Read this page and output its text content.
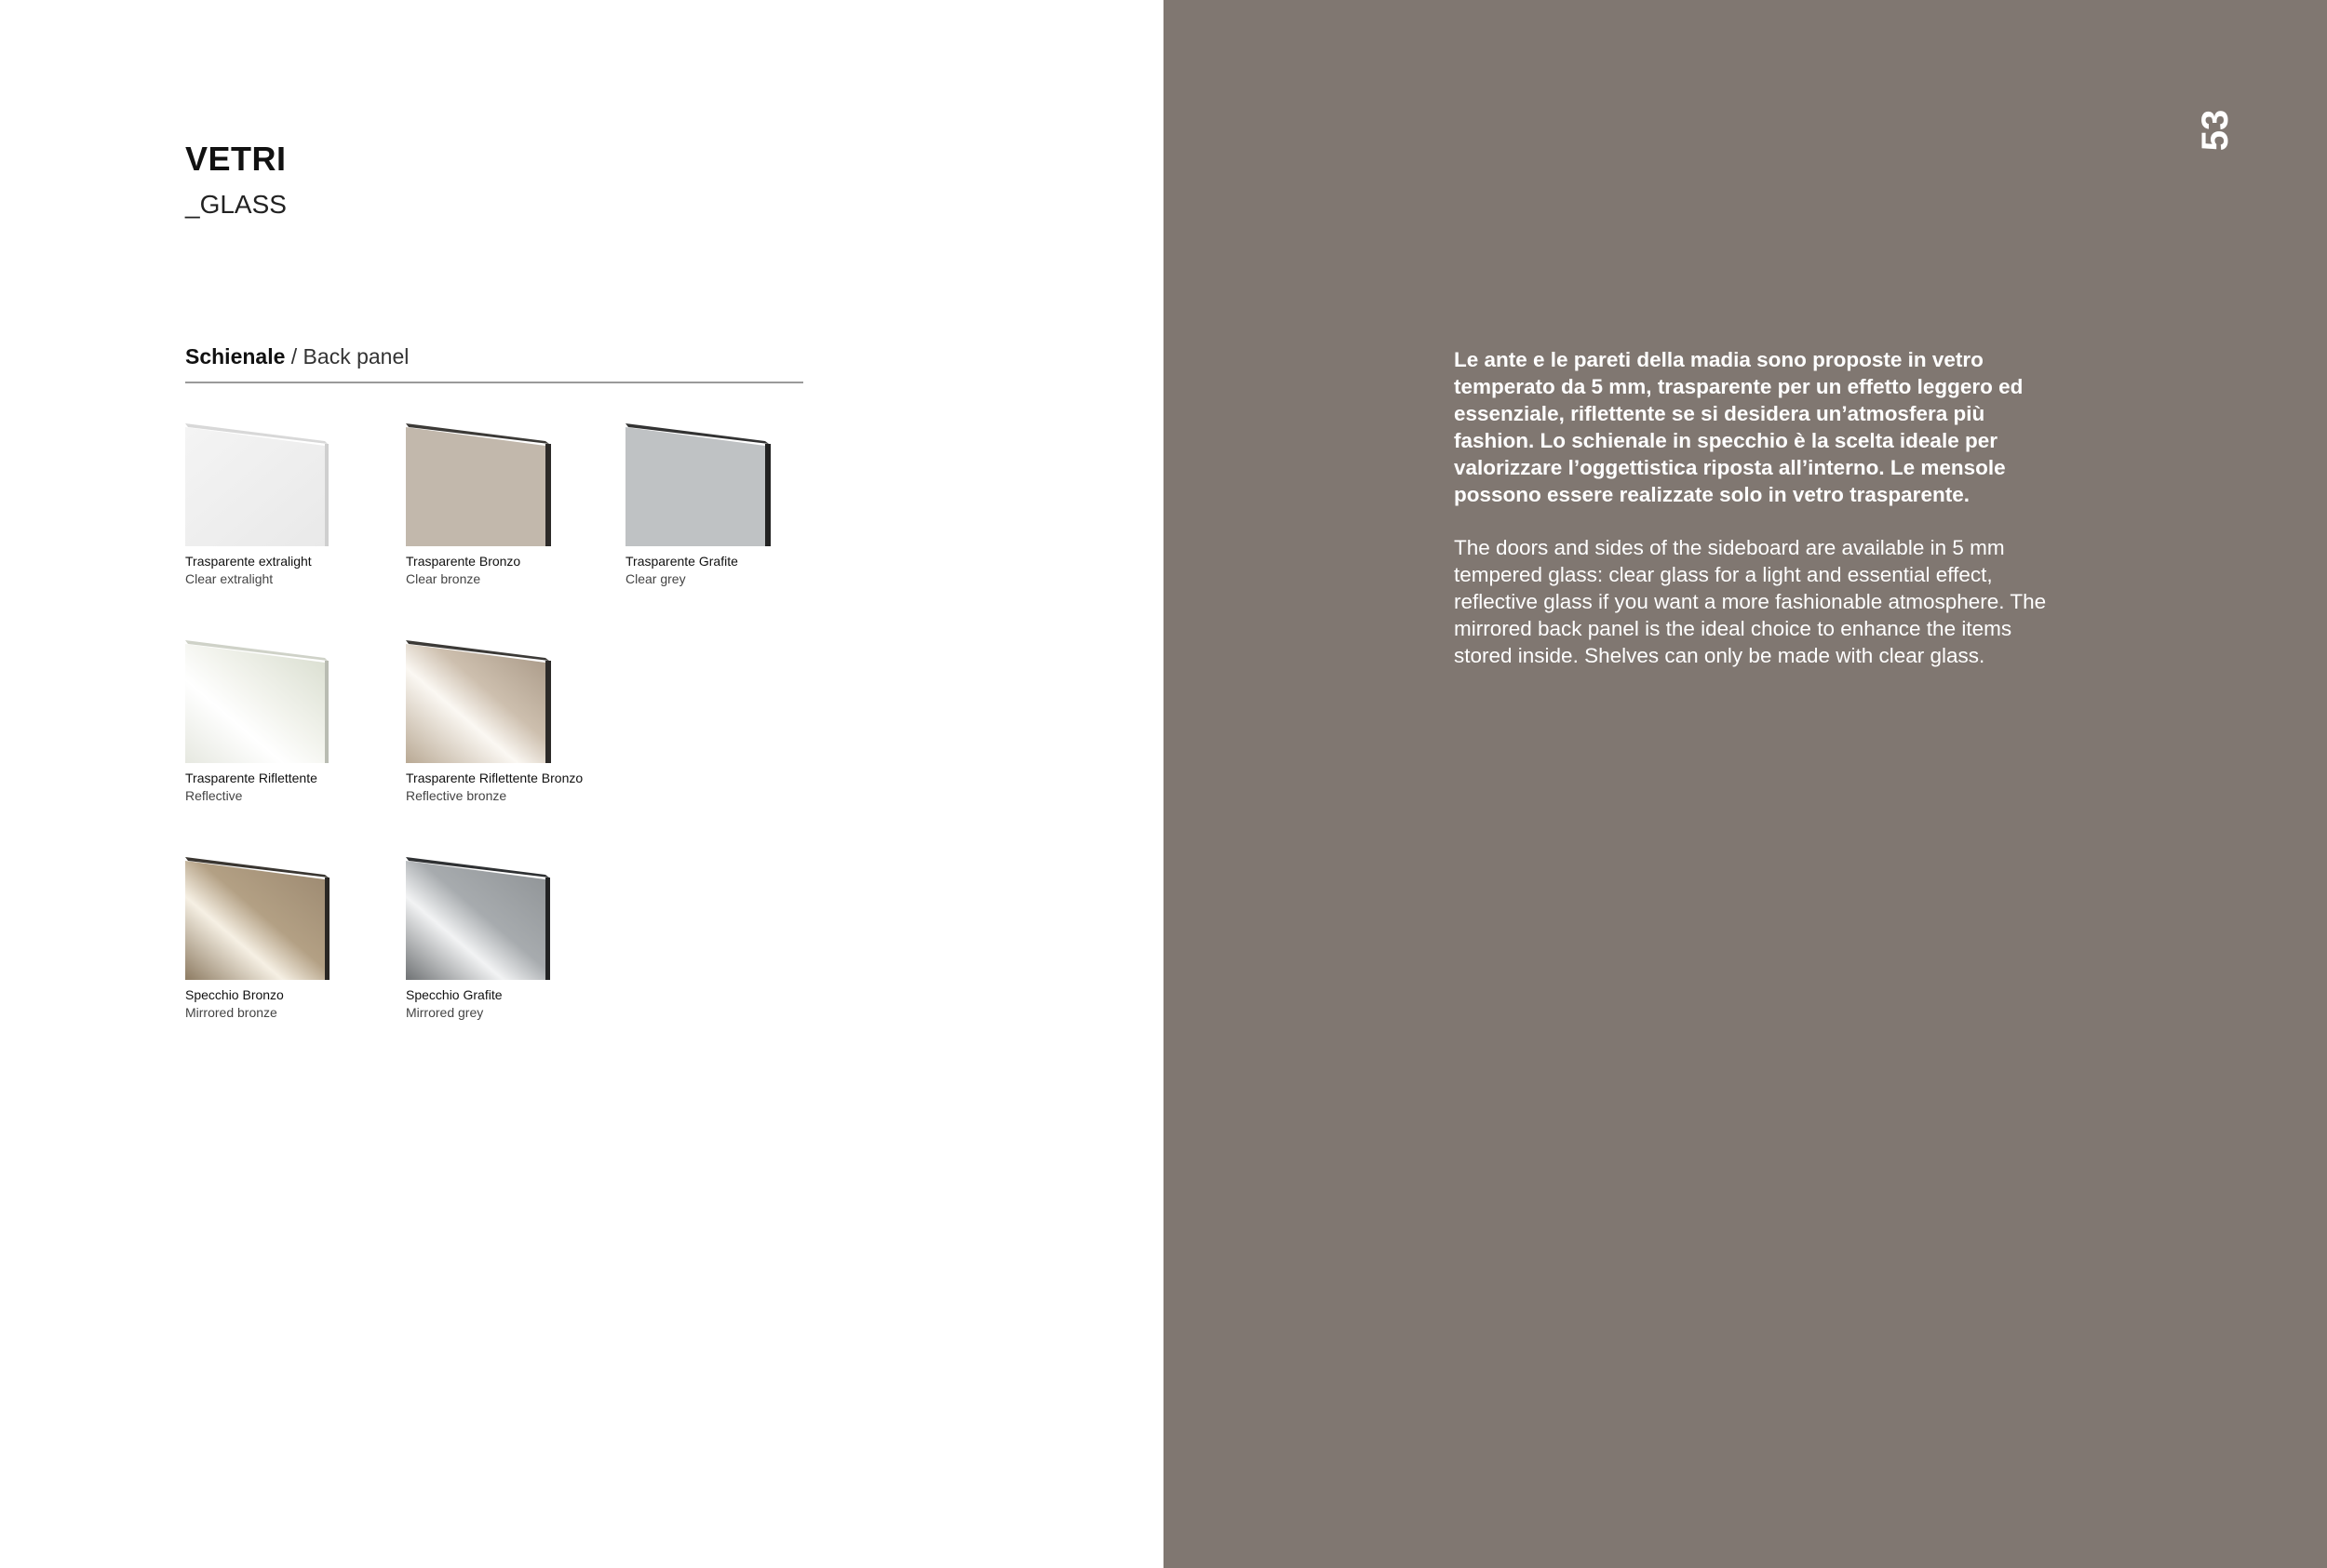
VETRI
_GLASS
Schienale / Back panel
Trasparente extralight
Clear extralight
Trasparente Bronzo
Clear bronze
Trasparente Grafite
Clear grey
Trasparente Riflettente
Reflective
Trasparente Riflettente Bronzo
Reflective bronze
Specchio Bronzo
Mirrored bronze
Specchio Grafite
Mirrored grey
53
Le ante e le pareti della madia sono proposte in vetro temperato da 5 mm, trasparente per un effetto leggero ed essenziale, riflettente se si desidera un’atmosfera più fashion. Lo schienale in specchio è la scelta ideale per valorizzare l’oggettistica riposta all’interno. Le mensole possono essere realizzate solo in vetro trasparente.
The doors and sides of the sideboard are available in 5 mm tempered glass: clear glass for a light and essential effect, reflective glass if you want a more fashionable atmosphere. The mirrored back panel is the ideal choice to enhance the items stored inside. Shelves can only be made with clear glass.
